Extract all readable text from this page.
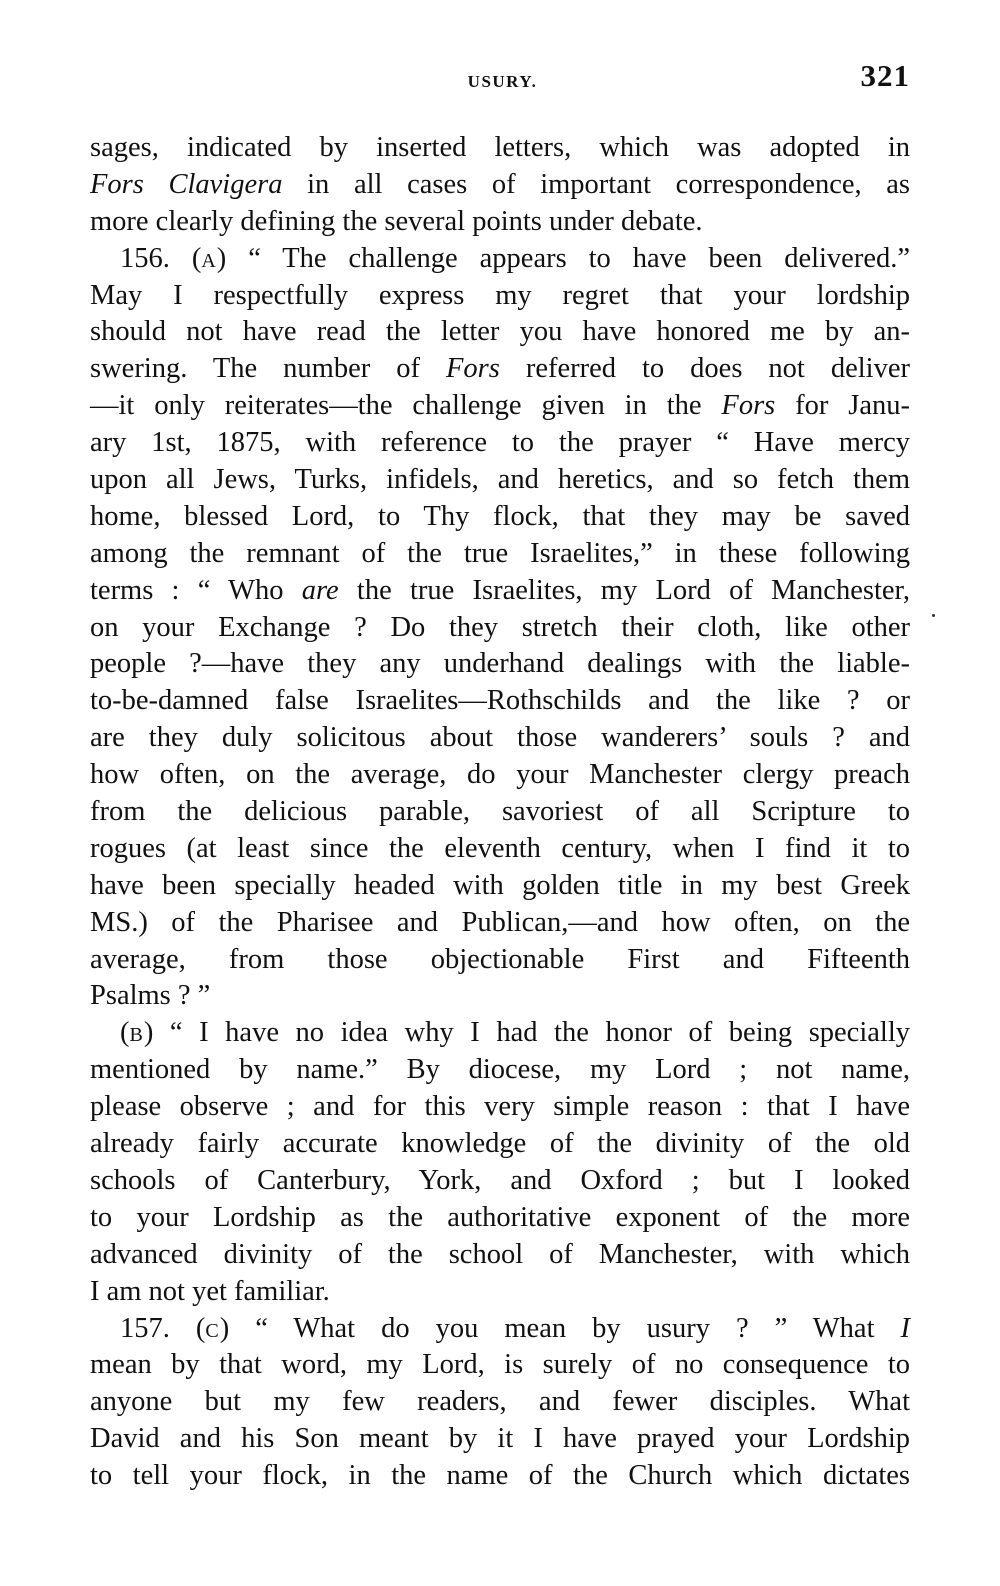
USURY.	321
sages, indicated by inserted letters, which was adopted in
Fors Clavigera in all cases of important correspondence, as
more clearly defining the several points under debate.
156. (A) “ The challenge appears to have been delivered.”
May I respectfully express my regret that your lordship
should not have read the letter you have honored me by an-
swering. The number of Fors referred to does not deliver
—it only reiterates—the challenge given in the Fors for Janu-
ary 1st, 1875, with reference to the prayer “ Have mercy
upon all Jews, Turks, infidels, and heretics, and so fetch them
home, blessed Lord, to Thy flock, that they may be saved
among the remnant of the true Israelites,” in these following
terms : “ Who are the true Israelites, my Lord of Manchester,
on your Exchange ? Do they stretch their cloth, like other
people ?—have they any underhand dealings with the liable-
to-be-damned false Israelites—Rothschilds and the like ? or
are they duly solicitous about those wanderers’ souls ? and
how often, on the average, do your Manchester clergy preach
from the delicious parable, savoriest of all Scripture to
rogues (at least since the eleventh century, when I find it to
have been specially headed with golden title in my best Greek
MS.) of the Pharisee and Publican,—and how often, on the
average, from those objectionable First and Fifteenth
Psalms ? ”
(B) “ I have no idea why I had the honor of being specially
mentioned by name.” By diocese, my Lord ; not name,
please observe ; and for this very simple reason : that I have
already fairly accurate knowledge of the divinity of the old
schools of Canterbury, York, and Oxford ; but I looked
to your Lordship as the authoritative exponent of the more
advanced divinity of the school of Manchester, with which
I am not yet familiar.
157. (C) “ What do you mean by usury ? ” What I
mean by that word, my Lord, is surely of no consequence to
anyone but my few readers, and fewer disciples. What
David and his Son meant by it I have prayed your Lordship
to tell your flock, in the name of the Church which dictates
